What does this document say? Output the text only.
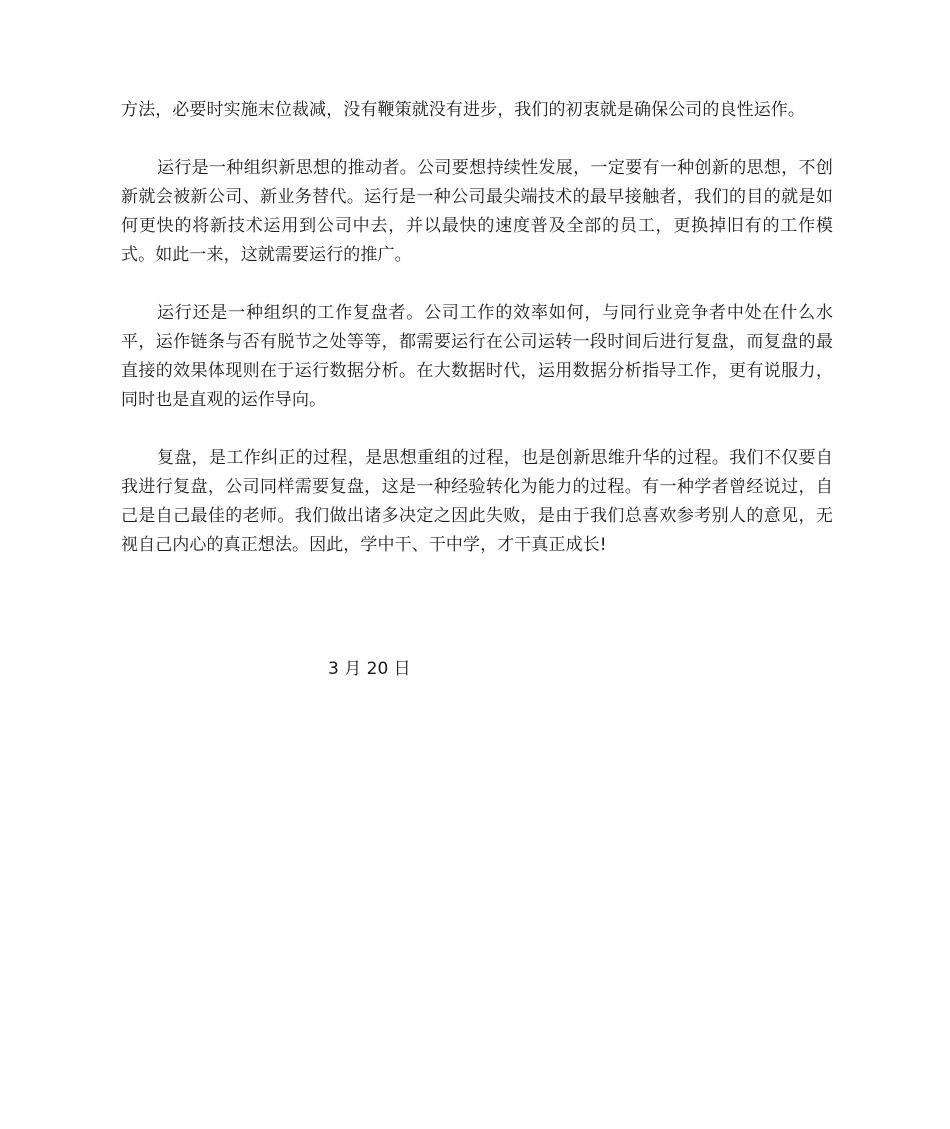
方法，必要时实施末位裁减，没有鞭策就没有进步，我们的初衷就是确保公司的良性运作。

运行是一种组织新思想的推动者。公司要想持续性发展，一定要有一种创新的思想，不创新就会被新公司、新业务替代。运行是一种公司最尖端技术的最早接触者，我们的目的就是如何更快的将新技术运用到公司中去，并以最快的速度普及全部的员工，更换掉旧有的工作模式。如此一来，这就需要运行的推广。

运行还是一种组织的工作复盘者。公司工作的效率如何，与同行业竞争者中处在什么水平，运作链条与否有脱节之处等等，都需要运行在公司运转一段时间后进行复盘，而复盘的最直接的效果体现则在于运行数据分析。在大数据时代，运用数据分析指导工作，更有说服力，同时也是直观的运作导向。

复盘，是工作纠正的过程，是思想重组的过程，也是创新思维升华的过程。我们不仅要自我进行复盘，公司同样需要复盘，这是一种经验转化为能力的过程。有一种学者曾经说过，自己是自己最佳的老师。我们做出诸多决定之因此失败，是由于我们总喜欢参考别人的意见，无视自己内心的真正想法。因此，学中干、干中学，才干真正成长!

3 月 20 日
